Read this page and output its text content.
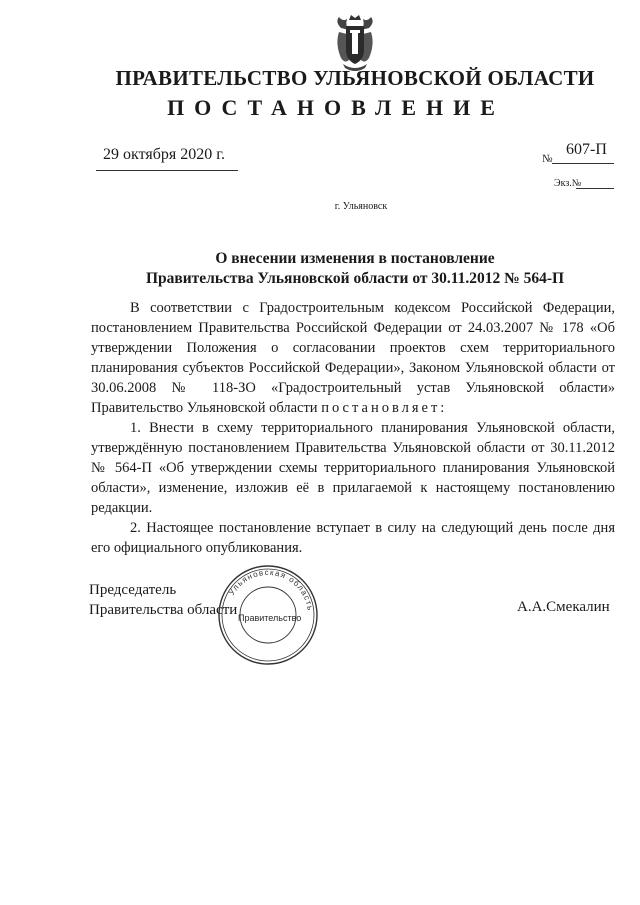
ПРАВИТЕЛЬСТВО УЛЬЯНОВСКОЙ ОБЛАСТИ
ПОСТАНОВЛЕНИЕ
29 октября 2020 г.	№
607-П
Экз.№
г. Ульяновск
О внесении изменения в постановление
Правительства Ульяновской области от 30.11.2012 № 564-П

В соответствии с Градостроительным кодексом Российской Федерации, постановлением Правительства Российской Федерации от 24.03.2007 № 178 «Об утверждении Положения о согласовании проектов схем территориального планирования субъектов Российской Федерации», Законом Ульяновской области от 30.06.2008 № 118-ЗО «Градостроительный устав Ульяновской области» Правительство Ульяновской области постановляет:

1. Внести в схему территориального планирования Ульяновской области, утверждённую постановлением Правительства Ульяновской области от 30.11.2012 № 564-П «Об утверждении схемы территориального планирования Ульяновской области», изменение, изложив её в прилагаемой к настоящему постановлению редакции.

2. Настоящее постановление вступает в силу на следующий день после дня его официального опубликования.

Председатель
Правительства области	А.А.Смекалин
Ульяновская область
Правительство
